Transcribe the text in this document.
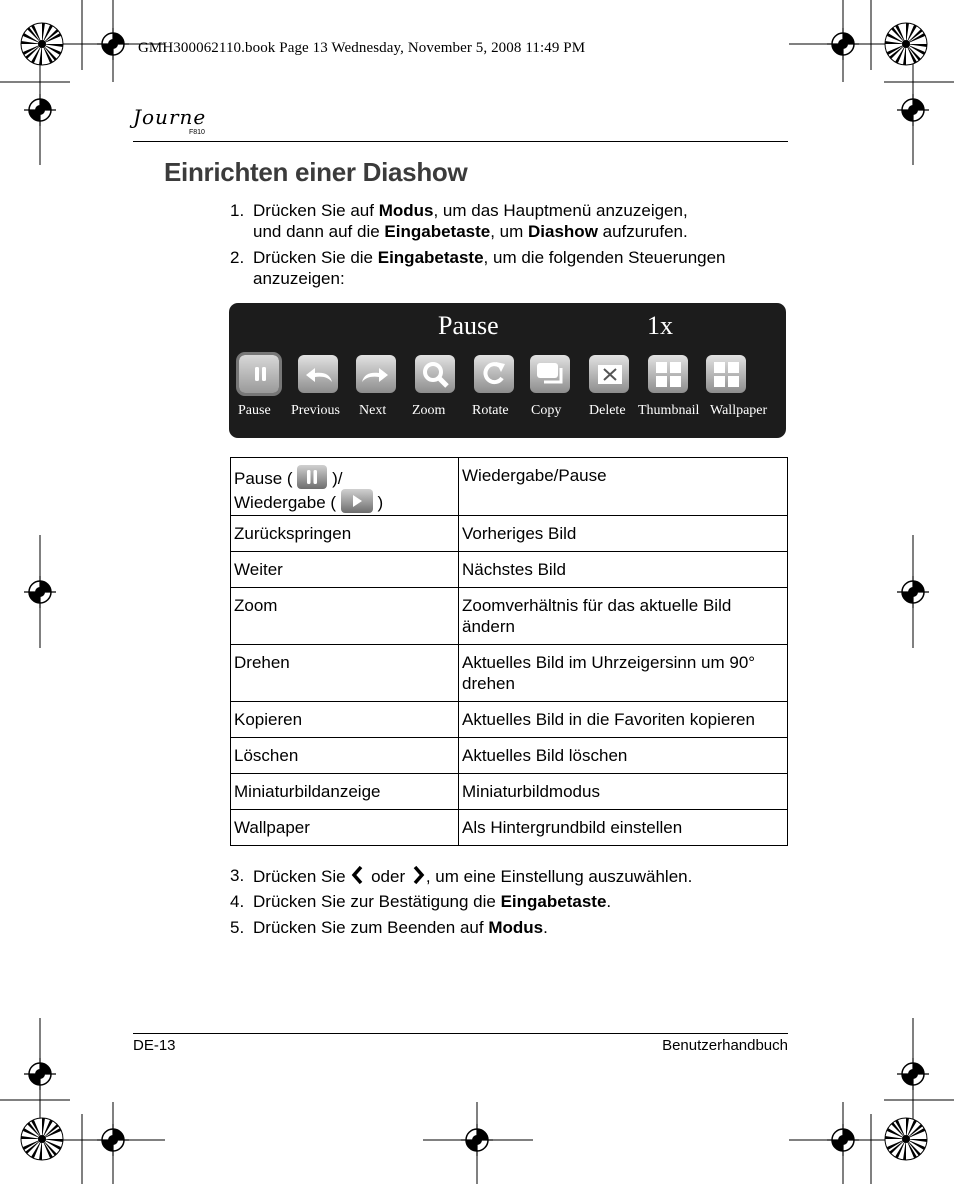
GMH300062110.book Page 13 Wednesday, November 5, 2008 11:49 PM
Journe
F810
Einrichten einer Diashow
1. Drücken Sie auf Modus, um das Hauptmenü anzuzeigen,
und dann auf die Eingabetaste, um Diashow aufzurufen.
2. Drücken Sie die Eingabetaste, um die folgenden Steuerungen
anzuzeigen:
Pause	1x
Pause Previous Next Zoom Rotate Copy Delete Thumbnail Wallpaper
Pause ( )/
Wiedergabe ( )	Wiedergabe/Pause
Zurückspringen	Vorheriges Bild
Weiter	Nächstes Bild
Zoom	Zoomverhältnis für das aktuelle Bild ändern
Drehen	Aktuelles Bild im Uhrzeigersinn um 90° drehen
Kopieren	Aktuelles Bild in die Favoriten kopieren
Löschen	Aktuelles Bild löschen
Miniaturbildanzeige	Miniaturbildmodus
Wallpaper	Als Hintergrundbild einstellen
3. Drücken Sie oder , um eine Einstellung auszuwählen.
4. Drücken Sie zur Bestätigung die Eingabetaste.
5. Drücken Sie zum Beenden auf Modus.
DE-13	Benutzerhandbuch
